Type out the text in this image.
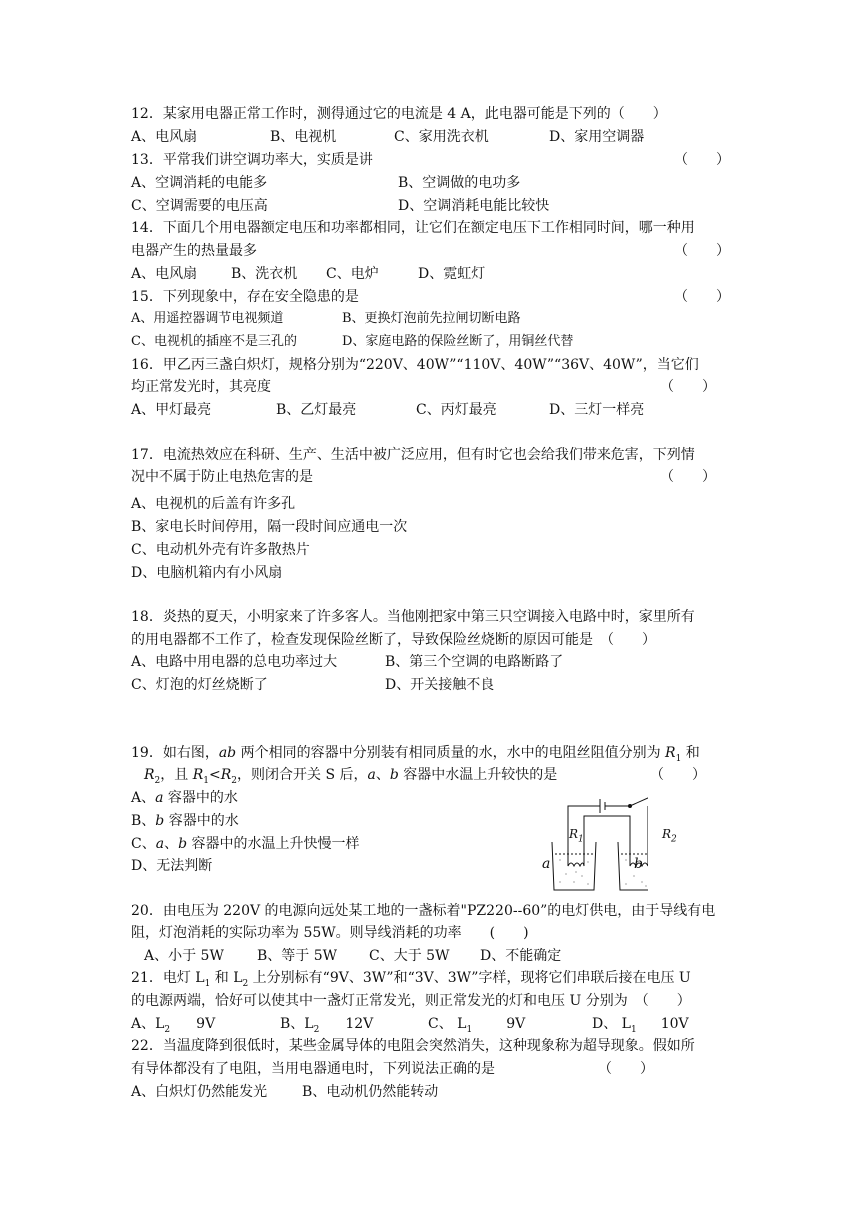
12．某家用电器正常工作时，测得通过它的电流是 4 A，此电器可能是下列的（　　）
A、电风扇	B、电视机	C、家用洗衣机	D、家用空调器
13．平常我们讲空调功率大，实质是讲	（　　）
A、空调消耗的电能多	B、空调做的电功多
C、空调需要的电压高	D、空调消耗电能比较快
14．下面几个用电器额定电压和功率都相同，让它们在额定电压下工作相同时间，哪一种用
电器产生的热量最多	（　　）
A、电风扇 B、洗衣机 C、电炉	D、霓虹灯
15．下列现象中，存在安全隐患的是	（　　）
A、用遥控器调节电视频道	B、更换灯泡前先拉闸切断电路
C、电视机的插座不是三孔的	D、家庭电路的保险丝断了，用铜丝代替
16．甲乙丙三盏白炽灯，规格分别为“220V、40W”“110V、40W”“36V、40W”，当它们
均正常发光时，其亮度	（　　）
A、甲灯最亮	B、乙灯最亮	C、丙灯最亮	D、三灯一样亮
17．电流热效应在科研、生产、生活中被广泛应用，但有时它也会给我们带来危害，下列情
况中不属于防止电热危害的是	（　　）
A、电视机的后盖有许多孔
B、家电长时间停用，隔一段时间应通电一次
C、电动机外壳有许多散热片
D、电脑机箱内有小风扇
18．炎热的夏天，小明家来了许多客人。当他刚把家中第三只空调接入电路中时，家里所有
的用电器都不工作了，检查发现保险丝断了，导致保险丝烧断的原因可能是　（　　）
A、电路中用电器的总电功率过大	B、第三个空调的电路断路了
C、灯泡的灯丝烧断了	D、开关接触不良
19．如右图，ab 两个相同的容器中分别装有相同质量的水，水中的电阻丝阻值分别为 $R_1$ 和
$R_2$，且 $R_1<R_2$，则闭合开关 S 后，a、b 容器中水温上升较快的是	（　　）
A、a 容器中的水
B、b 容器中的水
C、a、b 容器中的水温上升快慢一样
D、无法判断
$R_1$	$R_2$
a	b
20．由电压为 220V 的电源向远处某工地的一盏标着"PZ220--60”的电灯供电，由于导线有电
阻，灯泡消耗的实际功率为 55W。则导线消耗的功率　　(　　)
A、小于 5W B、等于 5W C、大于 5W D、不能确定
21．电灯 $L_1$ 和 $L_2$ 上分别标有“9V、3W”和“3V、3W”字样，现将它们串联后接在电压 U
的电源两端，恰好可以使其中一盏灯正常发光，则正常发光的灯和电压 U 分别为　（　　）
A、$L_2$ 9V	B、$L_2$ 12V	C、 $L_1$ 9V	D、 $L_1$ 10V
22．当温度降到很低时，某些金属导体的电阻会突然消失，这种现象称为超导现象。假如所
有导体都没有了电阻，当用电器通电时，下列说法正确的是	（　　）
A、白炽灯仍然能发光 B、电动机仍然能转动
